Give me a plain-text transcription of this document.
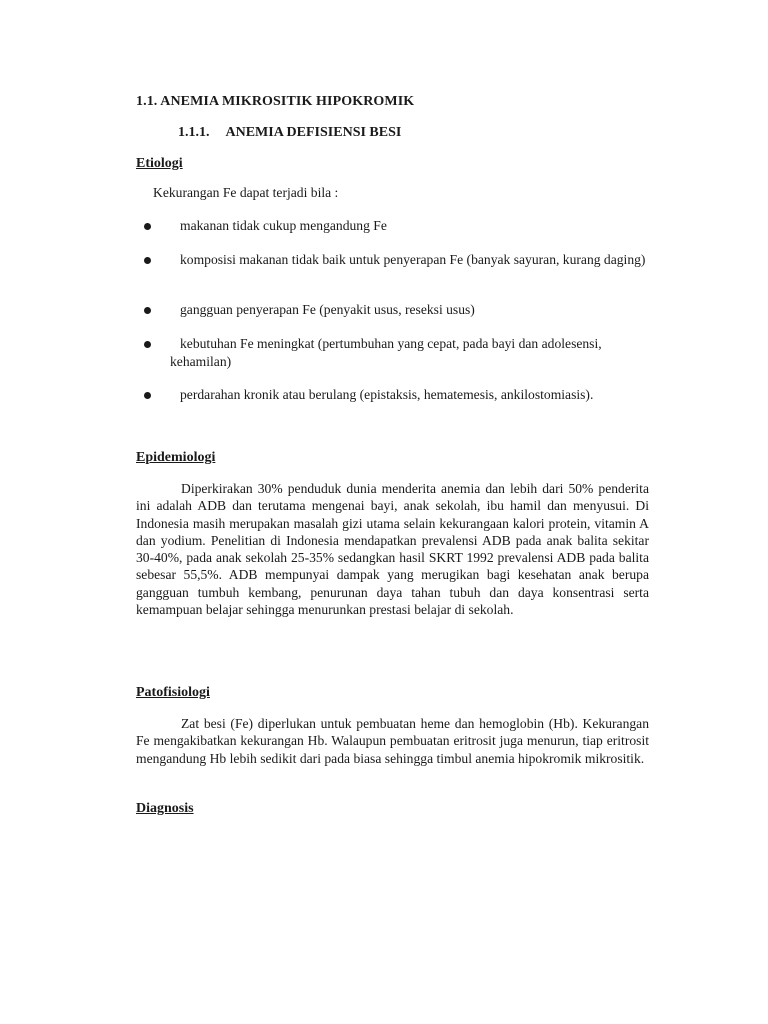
1.1. ANEMIA MIKROSITIK HIPOKROMIK
1.1.1. ANEMIA DEFISIENSI BESI
Etiologi
Kekurangan Fe dapat terjadi bila :
makanan tidak cukup mengandung Fe
komposisi makanan tidak baik untuk penyerapan Fe (banyak sayuran, kurang daging)
gangguan penyerapan Fe (penyakit usus, reseksi usus)
kebutuhan Fe meningkat (pertumbuhan yang cepat, pada bayi dan adolesensi, kehamilan)
perdarahan kronik atau berulang (epistaksis, hematemesis, ankilostomiasis).
Epidemiologi
Diperkirakan 30% penduduk dunia menderita anemia dan lebih dari 50% penderita ini adalah ADB dan terutama mengenai bayi, anak sekolah, ibu hamil dan menyusui. Di Indonesia masih merupakan masalah gizi utama selain kekurangaan kalori protein, vitamin A dan yodium. Penelitian di Indonesia mendapatkan prevalensi ADB pada anak balita sekitar 30-40%, pada anak sekolah 25-35% sedangkan hasil SKRT 1992 prevalensi ADB pada balita sebesar 55,5%. ADB mempunyai dampak yang merugikan bagi kesehatan anak berupa gangguan tumbuh kembang, penurunan daya tahan tubuh dan daya konsentrasi serta kemampuan belajar sehingga menurunkan prestasi belajar di sekolah.
Patofisiologi
Zat besi (Fe) diperlukan untuk pembuatan heme dan hemoglobin (Hb). Kekurangan Fe mengakibatkan kekurangan Hb. Walaupun pembuatan eritrosit juga menurun, tiap eritrosit mengandung Hb lebih sedikit dari pada biasa sehingga timbul anemia hipokromik mikrositik.
Diagnosis
